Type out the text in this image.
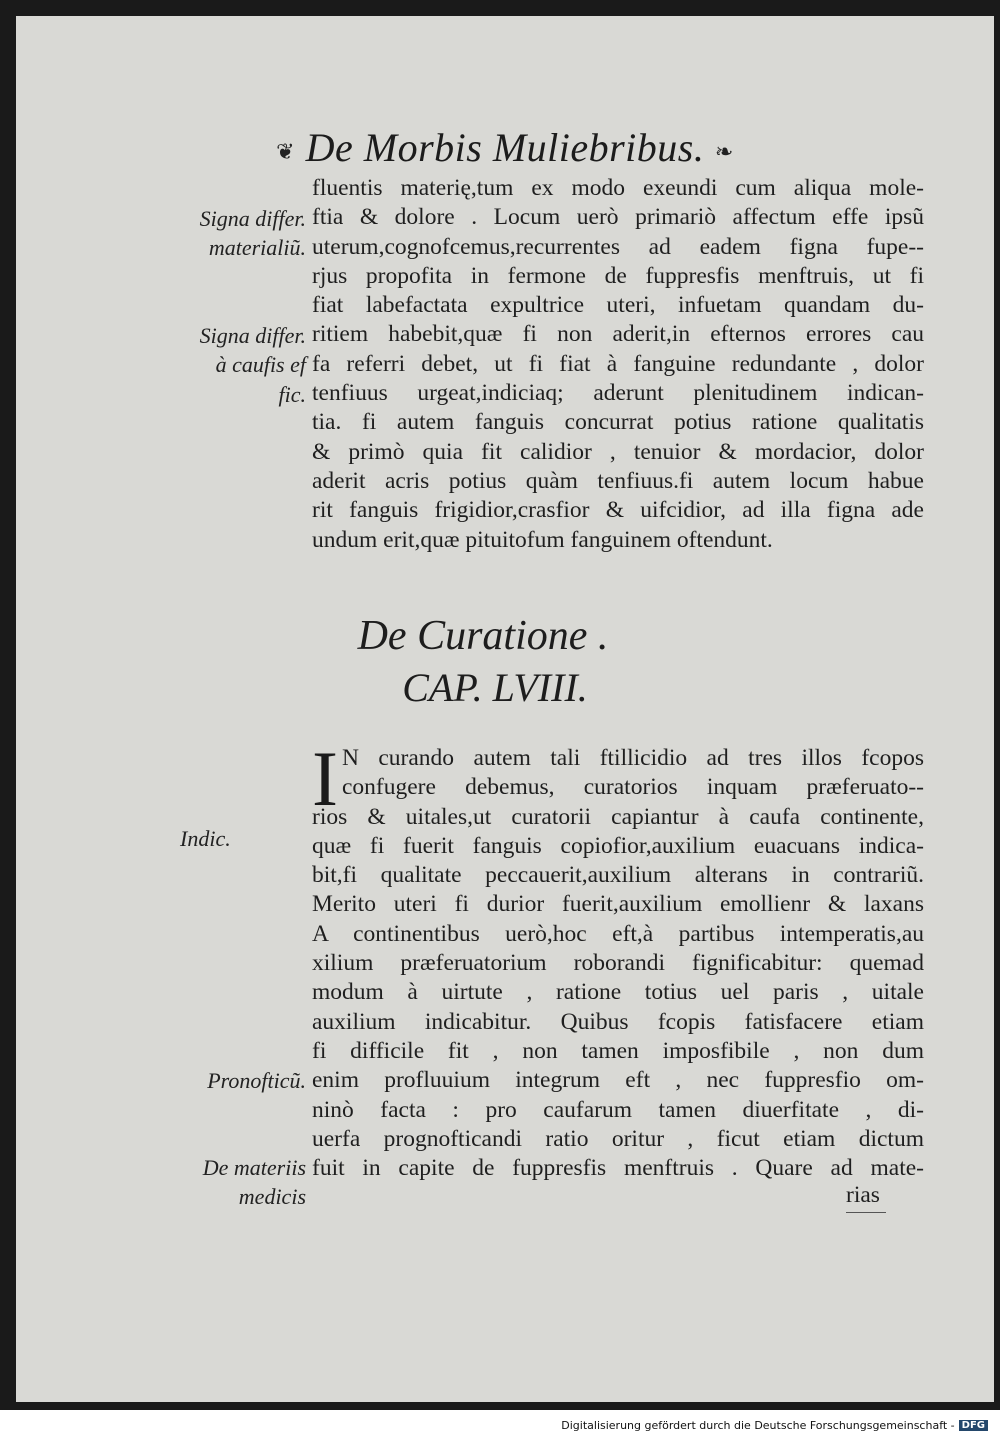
❦ De Morbis Muliebribus. ❧
fluentis materię,tum ex modo exeundi cum aliqua mole-
ftia & dolore . Locum uerò primariò affectum effe ipsũ
uterum,cognofcemus,recurrentes ad eadem figna fupe--
rjus propofita in fermone de fuppresfis menftruis, ut fi
fiat labefactata expultrice uteri, infuetam quandam du-
ritiem habebit,quæ fi non aderit,in efternos errores cau
fa referri debet, ut fi fiat à fanguine redundante , dolor
tenfiuus urgeat,indiciaq; aderunt plenitudinem indican-
tia. fi autem fanguis concurrat potius ratione qualitatis
& primò quia fit calidior , tenuior & mordacior, dolor
aderit acris potius quàm tenfiuus.fi autem locum habue
rit fanguis frigidior,crasfior & uifcidior, ad illa figna ade
undum erit,quæ pituitofum fanguinem oftendunt.
Signa differ.
materialiũ.
Signa differ.
à caufis ef
fic.
De Curatione .
CAP. LVIII.
I N curando autem tali ftillicidio ad tres illos fcopos
confugere debemus, curatorios inquam præferuato--
rios & uitales,ut curatorii capiantur à caufa continente,
quæ fi fuerit fanguis copiofior,auxilium euacuans indica-
bit,fi qualitate peccauerit,auxilium alterans in contrariũ.
Merito uteri fi durior fuerit,auxilium emollienr & laxans
A continentibus uerò,hoc eft,à partibus intemperatis,au
xilium præferuatorium roborandi fignificabitur: quemad
modum à uirtute , ratione totius uel paris , uitale
auxilium indicabitur. Quibus fcopis fatisfacere etiam
fi difficile fit , non tamen imposfibile , non dum
enim profluuium integrum eft , nec fuppresfio om-
ninò facta : pro caufarum tamen diuerfitate , di-
uerfa prognofticandi ratio oritur , ficut etiam dictum
fuit in capite de fuppresfis menftruis . Quare ad mate-
Indic.
Pronofticũ.
De materiis
medicis	rias
Digitalisierung gefördert durch die Deutsche Forschungsgemeinschaft - DFG
